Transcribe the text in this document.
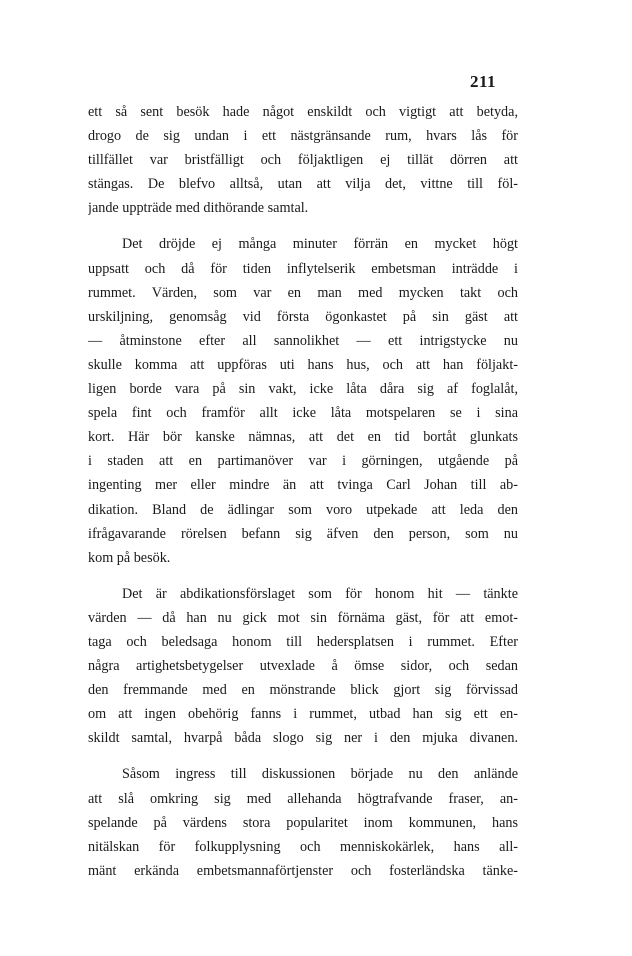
211
ett så sent besök hade något enskildt och vigtigt att betyda,
drogo de sig undan i ett nästgränsande rum, hvars lås för
tillfället var bristfälligt och följaktligen ej tillät dörren att
stängas. De blefvo alltså, utan att vilja det, vittne till föl-
jande uppträde med dithörande samtal.
Det dröjde ej många minuter förrän en mycket högt
uppsatt och då för tiden inflytelserik embetsman inträdde i
rummet. Värden, som var en man med mycken takt och
urskiljning, genomsåg vid första ögonkastet på sin gäst att
— åtminstone efter all sannolikhet — ett intrigstycke nu
skulle komma att uppföras uti hans hus, och att han följakt-
ligen borde vara på sin vakt, icke låta dåra sig af foglalåt,
spela fint och framför allt icke låta motspelaren se i sina
kort. Här bör kanske nämnas, att det en tid bortåt glunkats
i staden att en partimanöver var i görningen, utgående på
ingenting mer eller mindre än att tvinga Carl Johan till ab-
dikation. Bland de ädlingar som voro utpekade att leda den
ifrågavarande rörelsen befann sig äfven den person, som nu
kom på besök.
Det är abdikationsförslaget som för honom hit — tänkte
värden — då han nu gick mot sin förnäma gäst, för att emot-
taga och beledsaga honom till hedersplatsen i rummet. Efter
några artighetsbetygelser utvexlade å ömse sidor, och sedan
den fremmande med en mönstrande blick gjort sig förvissad
om att ingen obehörig fanns i rummet, utbad han sig ett en-
skildt samtal, hvarpå båda slogo sig ner i den mjuka divanen.
Såsom ingress till diskussionen började nu den anlände
att slå omkring sig med allehanda högtrafvande fraser, an-
spelande på värdens stora popularitet inom kommunen, hans
nitälskan för folkupplysning och menniskokärlek, hans all-
mänt erkända embetsmannaförtjenster och fosterländska tänke-
